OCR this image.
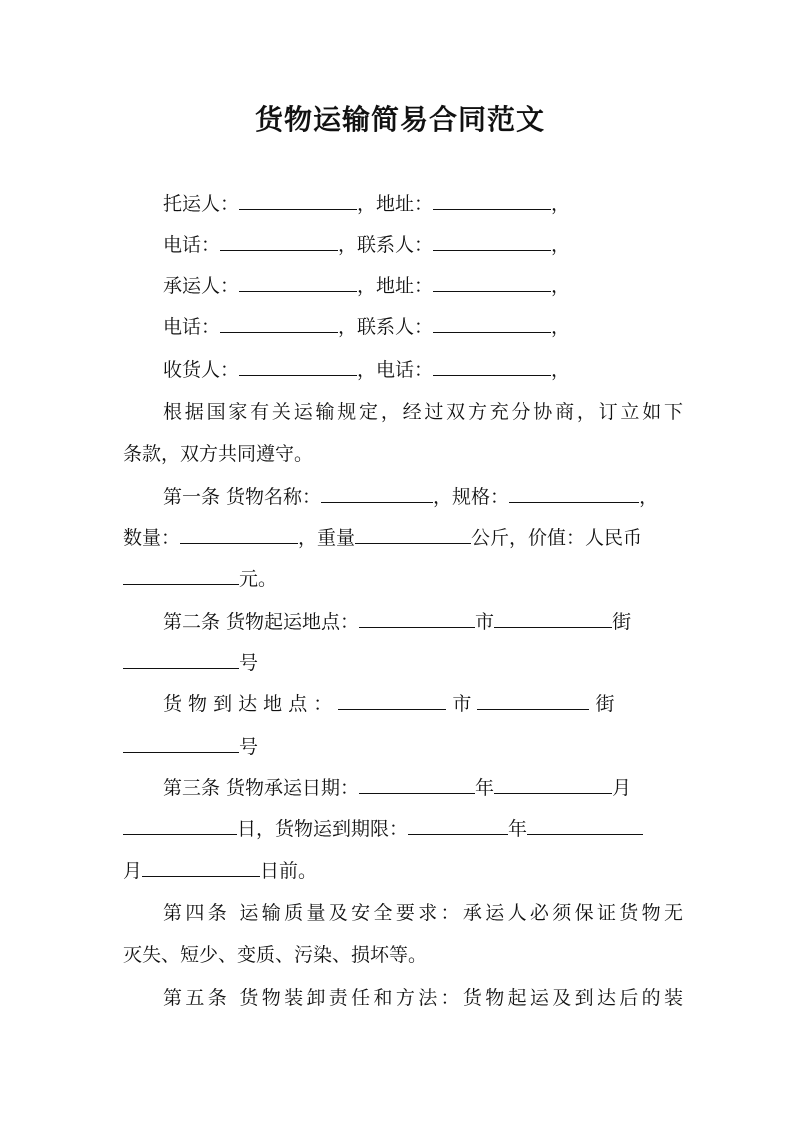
货物运输简易合同范文
托运人：	，地址：	，
电话：	，联系人：	，
承运人：	，地址：	，
电话：	，联系人：	，
收货人：	，电话：	，
根据国家有关运输规定，经过双方充分协商，订立如下
条款，双方共同遵守。
第一条 货物名称：	，规格：	，
数量：	，重量	公斤，价值：人民币
元。
第二条 货物起运地点：	市	街
号
货 物 到 达 地 点 ：	市	街
号
第三条 货物承运日期：	年	月
日，货物运到期限：	年
月	日前。
第四条 运输质量及安全要求：承运人必须保证货物无
灭失、短少、变质、污染、损坏等。
第五条 货物装卸责任和方法：货物起运及到达后的装
